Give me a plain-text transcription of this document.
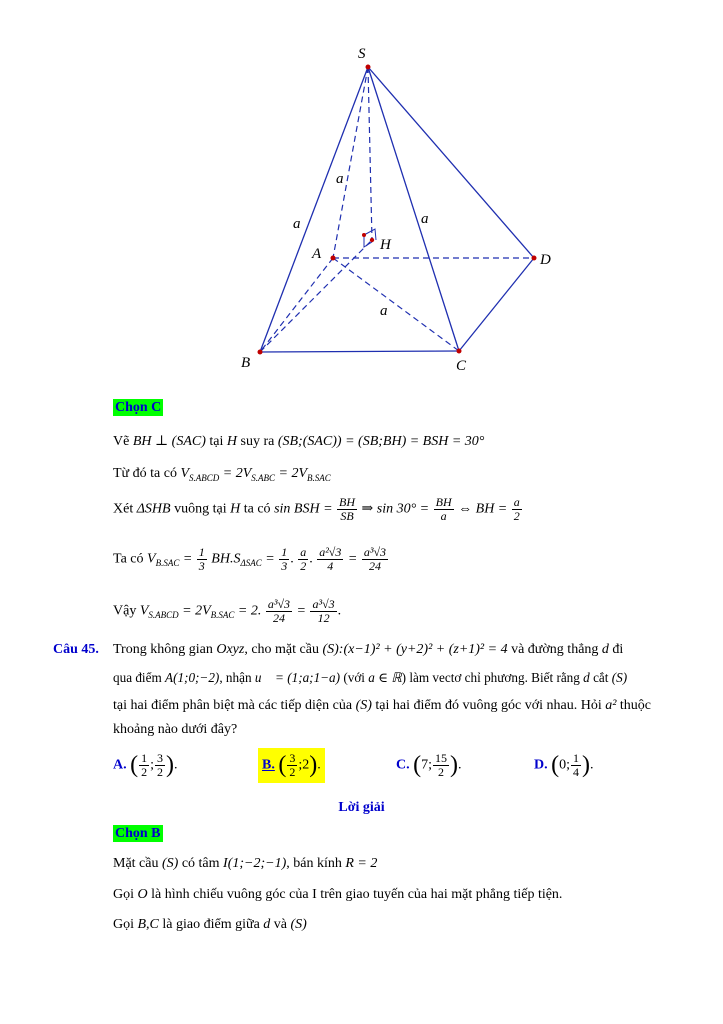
S
A
B	C
D
H
a
a
a
a
Chọn C
Vẽ BH ⊥ (SAC) tại H suy ra (SB;(SAC)) = (SB;BH) = BSH = 30°
Từ đó ta có $V_{S.ABCD} = 2V_{S.ABC} = 2V_{B.SAC}$
Xét ΔSHB vuông tại H ta có sin BSH = $\frac{BH}{SB}$ ⇒ $\sin 30^\circ = \frac{BH}{a}$ ⇔ BH = $\frac{a}{2}$
Ta có $V_{B.SAC} = \frac{1}{3} BH.S_{\Delta SAC} = \frac{1}{3}$ . $\frac{a}{2}$ . $\frac{\text{a²√3}}{4} = \frac{\text{a³√3}}{24}$
Vậy $V_{S.ABCD} = 2V_{B.SAC} = 2$. $\frac{\text{a³√3}}{24} = \frac{\text{a³√3}}{12}$ .
Câu 45. Trong không gian Oxyz, cho mặt cầu (S):(x−1)² + (y+2)² + (z+1)² = 4 và đường thẳng d đi
qua điểm A(1;0;−2), nhận u⃗ = (1;a;1−a) (với a ∈ ℝ) làm vectơ chỉ phương. Biết rằng d cắt (S)
tại hai điểm phân biệt mà các tiếp diện của (S) tại hai điểm đó vuông góc với nhau. Hỏi a² thuộc
khoảng nào dưới đây?
A. ( $\frac{1}{2}$ ; $\frac{3}{2}$ ).	B. ( $\frac{3}{2}$ ;2).	C. (7; $\frac{15}{2}$ ).	D. (0; $\frac{1}{4}$ ).
Lời giải
Chọn B
Mặt cầu (S) có tâm I(1;−2;−1), bán kính R = 2
Gọi O là hình chiếu vuông góc của I trên giao tuyến của hai mặt phẳng tiếp tiện.
Gọi B,C là giao điểm giữa d và (S)
